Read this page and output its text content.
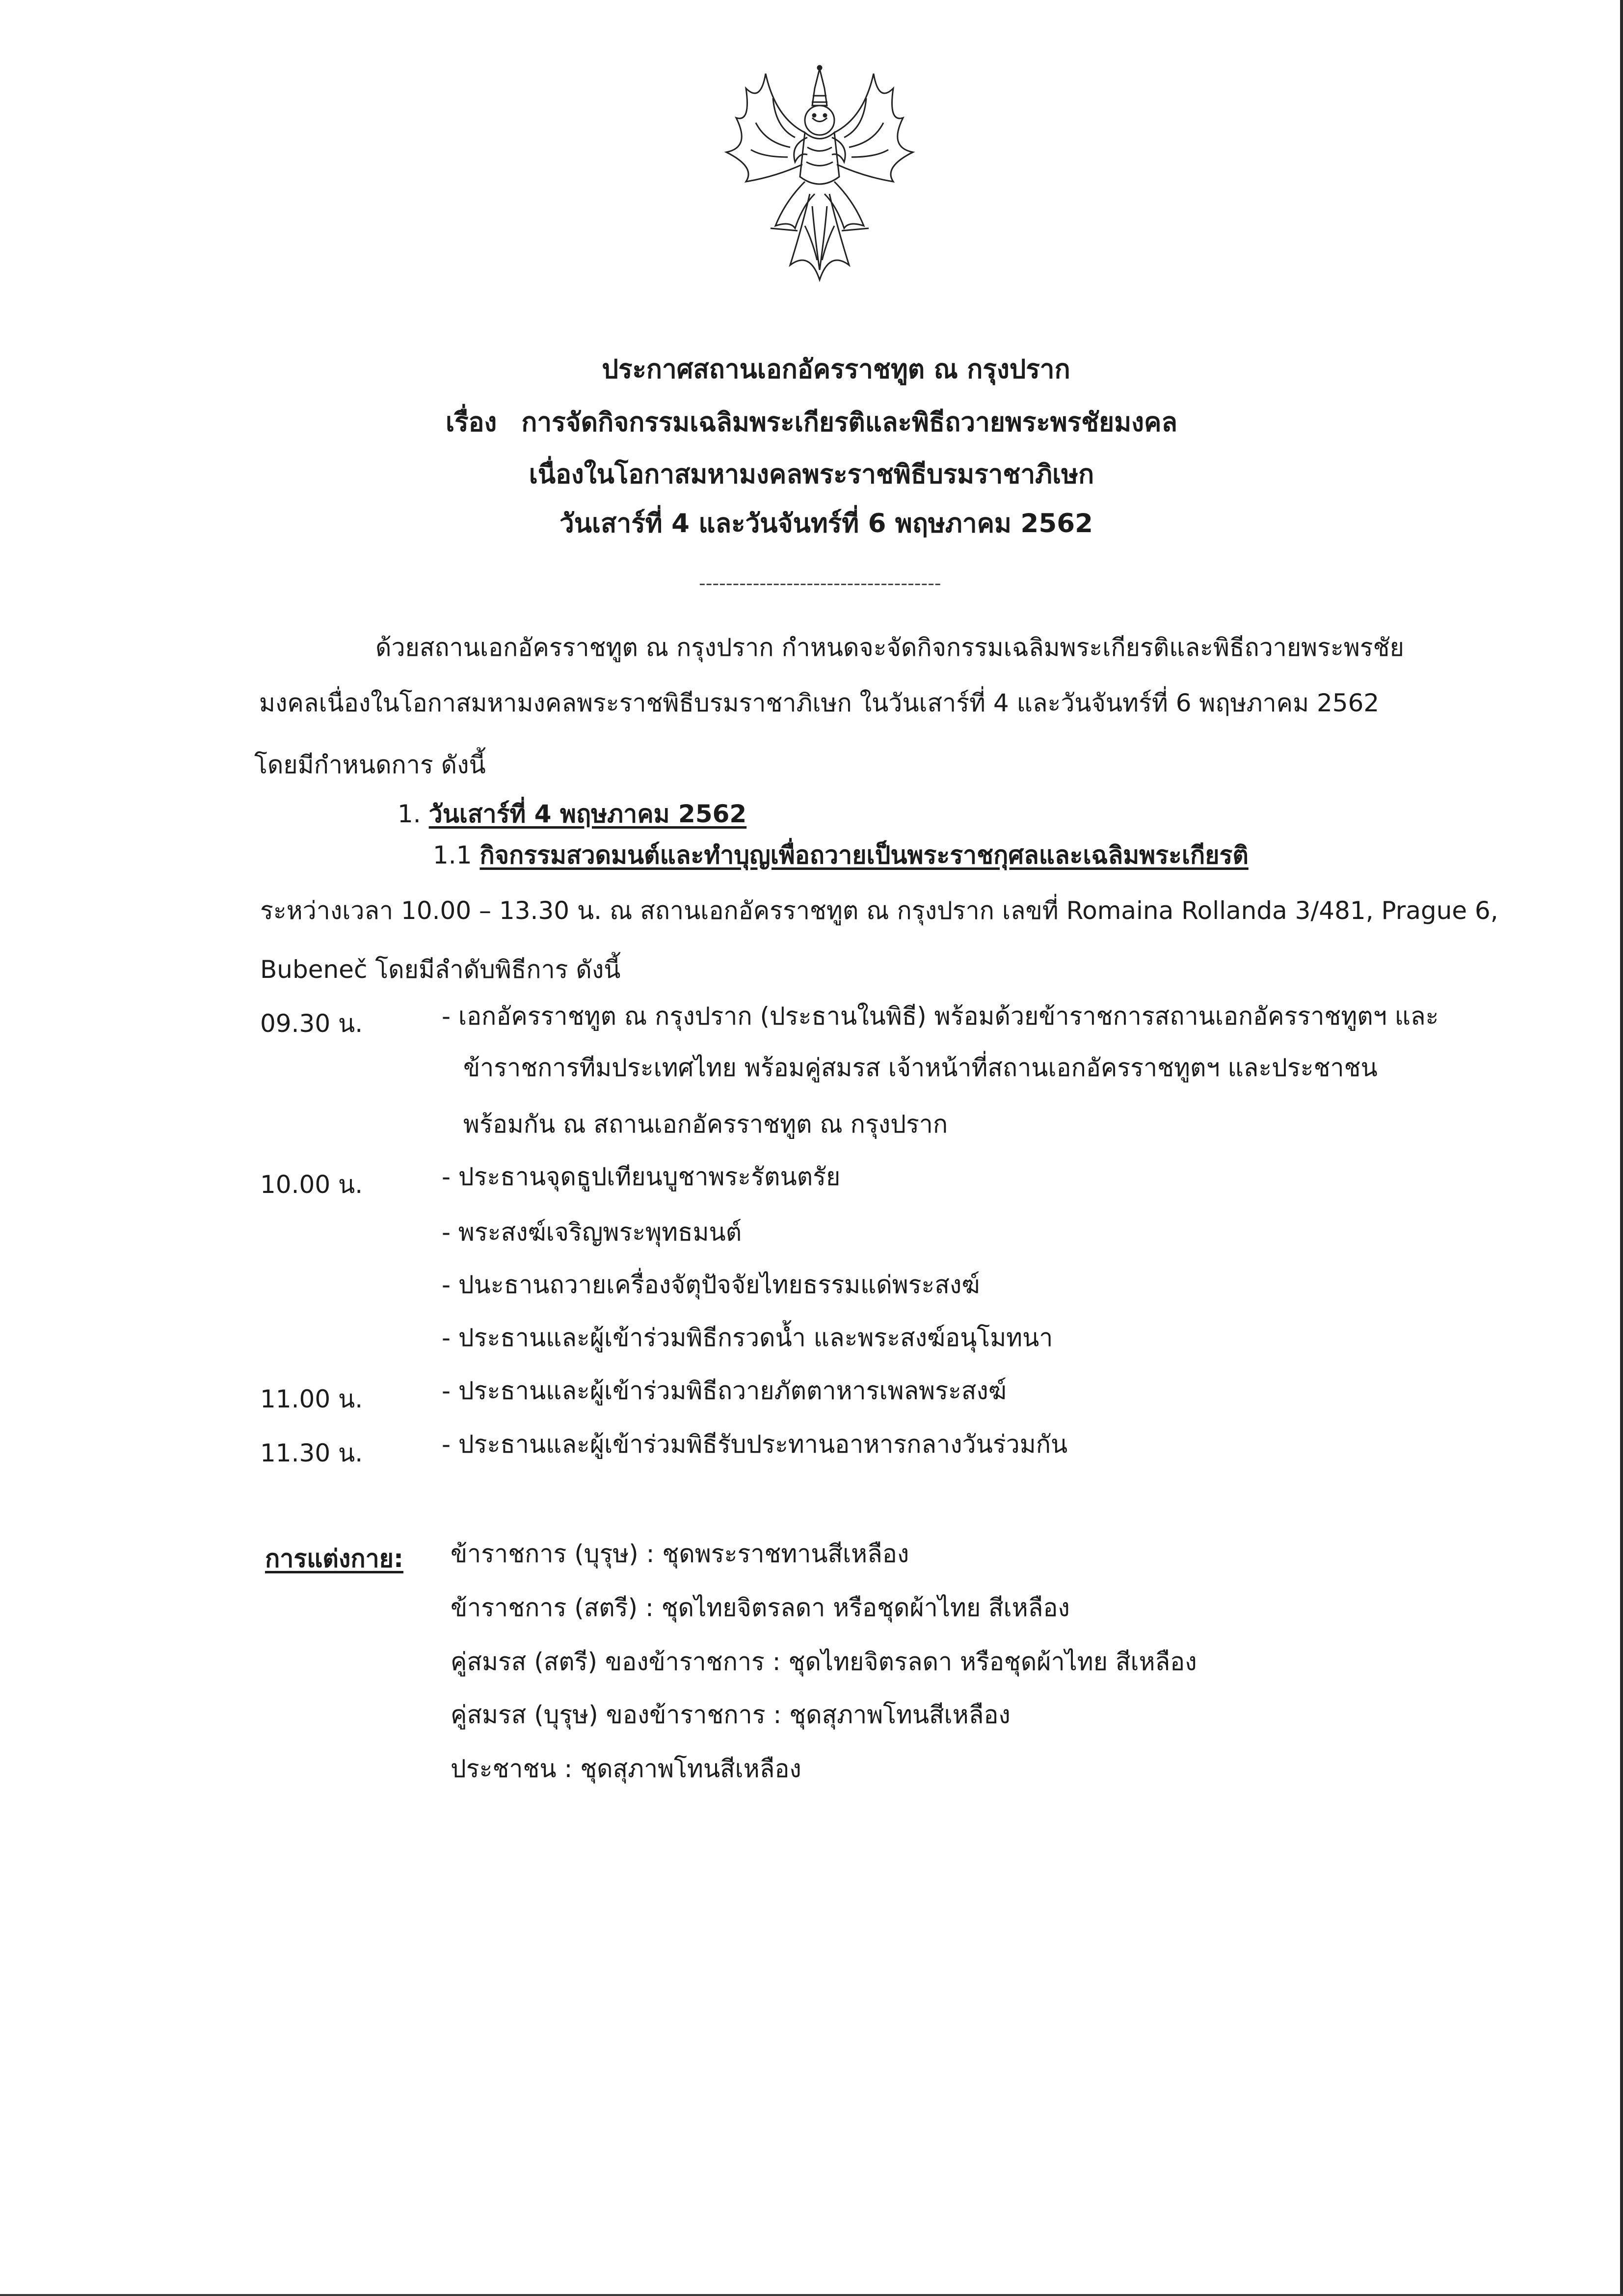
ประกาศสถานเอกอัครราชทูต ณ กรุงปราก
เรื่อง การจัดกิจกรรมเฉลิมพระเกียรติและพิธีถวายพระพรชัยมงคล
เนื่องในโอกาสมหามงคลพระราชพิธีบรมราชาภิเษก
วันเสาร์ที่ 4 และวันจันทร์ที่ 6 พฤษภาคม 2562
------------------------------------
ด้วยสถานเอกอัครราชทูต ณ กรุงปราก กำหนดจะจัดกิจกรรมเฉลิมพระเกียรติและพิธีถวายพระพรชัย
มงคลเนื่องในโอกาสมหามงคลพระราชพิธีบรมราชาภิเษก ในวันเสาร์ที่ 4 และวันจันทร์ที่ 6 พฤษภาคม 2562
โดยมีกำหนดการ ดังนี้
1. วันเสาร์ที่ 4 พฤษภาคม 2562
1.1 กิจกรรมสวดมนต์และทำบุญเพื่อถวายเป็นพระราชกุศลและเฉลิมพระเกียรติ
ระหว่างเวลา 10.00 – 13.30 น. ณ สถานเอกอัครราชทูต ณ กรุงปราก เลขที่ Romaina Rollanda 3/481, Prague 6,
Bubeneč โดยมีลำดับพิธีการ ดังนี้
09.30 น.	- เอกอัครราชทูต ณ กรุงปราก (ประธานในพิธี) พร้อมด้วยข้าราชการสถานเอกอัครราชทูตฯ และ
ข้าราชการทีมประเทศไทย พร้อมคู่สมรส เจ้าหน้าที่สถานเอกอัครราชทูตฯ และประชาชน
พร้อมกัน ณ สถานเอกอัครราชทูต ณ กรุงปราก
10.00 น.	- ประธานจุดธูปเทียนบูชาพระรัตนตรัย
- พระสงฆ์เจริญพระพุทธมนต์
- ปนะธานถวายเครื่องจัตุปัจจัยไทยธรรมแด่พระสงฆ์
- ประธานและผู้เข้าร่วมพิธีกรวดน้ำ และพระสงฆ์อนุโมทนา
11.00 น.	- ประธานและผู้เข้าร่วมพิธีถวายภัตตาหารเพลพระสงฆ์
11.30 น.	- ประธานและผู้เข้าร่วมพิธีรับประทานอาหารกลางวันร่วมกัน
การแต่งกาย: ข้าราชการ (บุรุษ) : ชุดพระราชทานสีเหลือง
ข้าราชการ (สตรี) : ชุดไทยจิตรลดา หรือชุดผ้าไทย สีเหลือง
คู่สมรส (สตรี) ของข้าราชการ : ชุดไทยจิตรลดา หรือชุดผ้าไทย สีเหลือง
คู่สมรส (บุรุษ) ของข้าราชการ : ชุดสุภาพโทนสีเหลือง
ประชาชน : ชุดสุภาพโทนสีเหลือง
